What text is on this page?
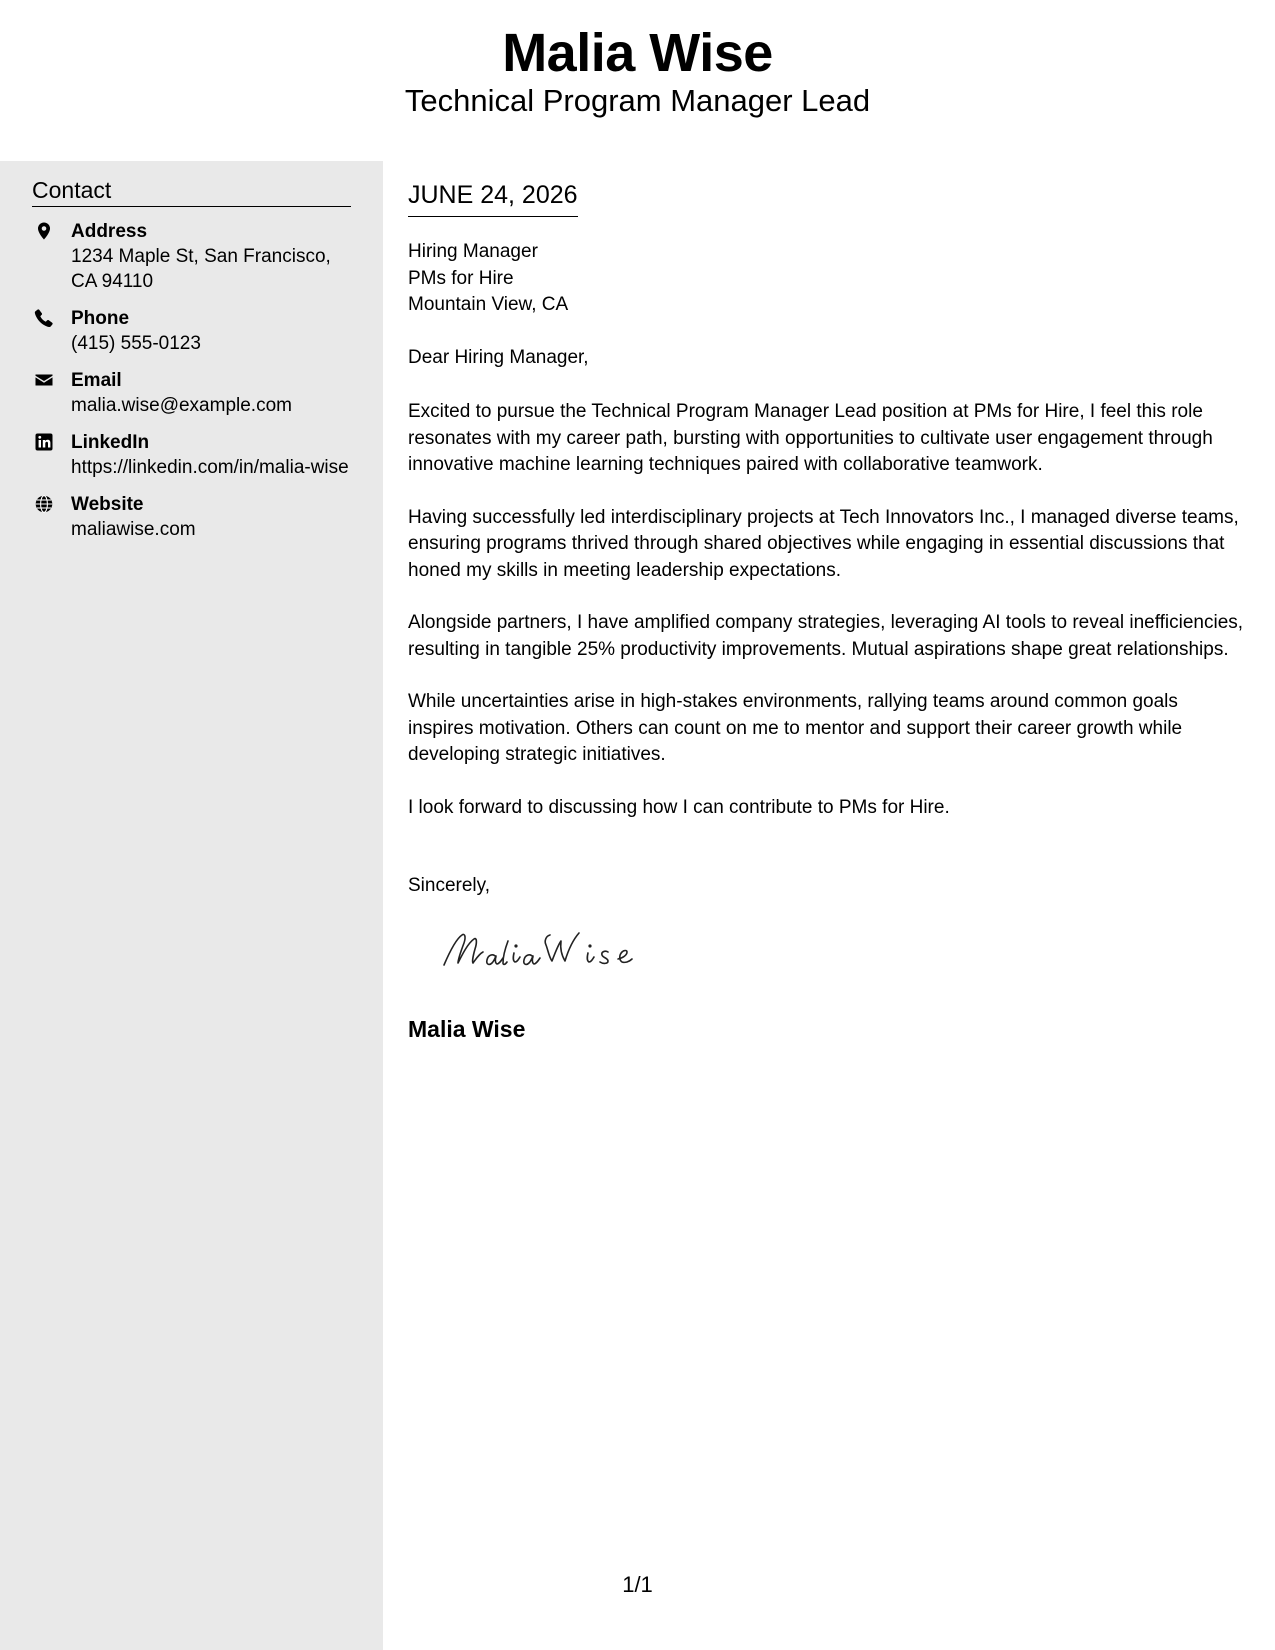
Malia Wise
Technical Program Manager Lead
Contact
Address
1234 Maple St, San Francisco, CA 94110
Phone
(415) 555-0123
Email
malia.wise@example.com
LinkedIn
https://linkedin.com/in/malia-wise
Website
maliawise.com
JUNE 24, 2026
Hiring Manager
PMs for Hire
Mountain View, CA
Dear Hiring Manager,

Excited to pursue the Technical Program Manager Lead position at PMs for Hire, I feel this role resonates with my career path, bursting with opportunities to cultivate user engagement through innovative machine learning techniques paired with collaborative teamwork.

Having successfully led interdisciplinary projects at Tech Innovators Inc., I managed diverse teams, ensuring programs thrived through shared objectives while engaging in essential discussions that honed my skills in meeting leadership expectations.

Alongside partners, I have amplified company strategies, leveraging AI tools to reveal inefficiencies, resulting in tangible 25% productivity improvements. Mutual aspirations shape great relationships.

While uncertainties arise in high-stakes environments, rallying teams around common goals inspires motivation. Others can count on me to mentor and support their career growth while developing strategic initiatives.

I look forward to discussing how I can contribute to PMs for Hire.

Sincerely,
Malia Wise
1/1
